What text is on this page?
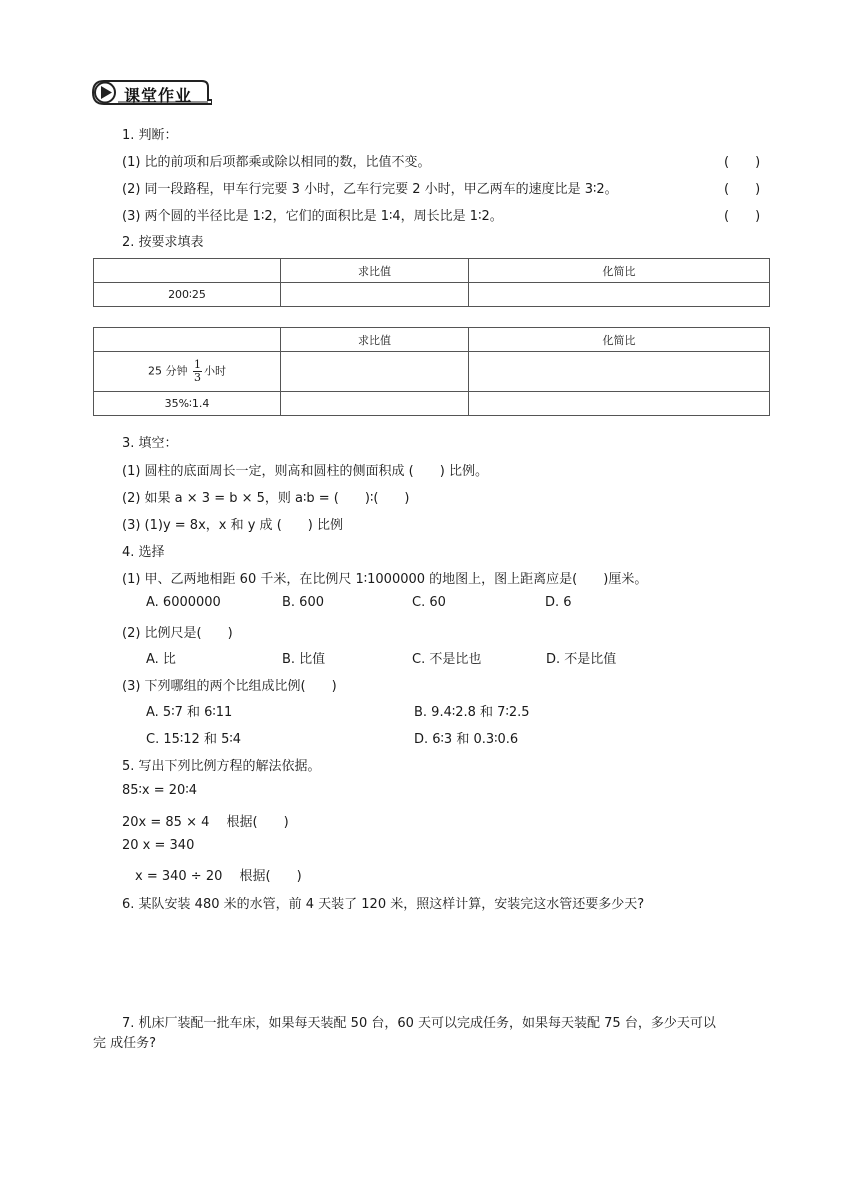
课堂作业
1. 判断：
(1) 比的前项和后项都乘或除以相同的数，比值不变。	(　　)
(2) 同一段路程，甲车行完要 3 小时，乙车行完要 2 小时，甲乙两车的速度比是 3∶2。	(　　)
(3) 两个圆的半径比是 1∶2，它们的面积比是 1∶4，周长比是 1∶2。	(　　)
2. 按要求填表
	求比值	化简比
200∶25		
	求比值	化简比
25 分钟 $\frac{1}{3}$ 小时		
35%∶1.4		
3. 填空：
(1) 圆柱的底面周长一定，则高和圆柱的侧面积成 (　　) 比例。
(2) 如果 a × 3 = b × 5，则 a∶b = (　　)∶(　　)
(3) (1)y = 8x，x 和 y 成 (　　) 比例
4. 选择
(1) 甲、乙两地相距 60 千米，在比例尺 1∶1000000 的地图上，图上距离应是(　　)厘米。
A. 6000000	B. 600	C. 60	D. 6
(2) 比例尺是(　　)
A. 比	B. 比值	C. 不是比也	D. 不是比值
(3) 下列哪组的两个比组成比例(　　)
A. 5∶7 和 6∶11	B. 9.4∶2.8 和 7∶2.5
C. 15∶12 和 5∶4	D. 6∶3 和 0.3∶0.6
5. 写出下列比例方程的解法依据。
85∶x = 20∶4
20x = 85 × 4　 根据(　　)
20 x = 340
　x = 340 ÷ 20　 根据(　　)
6. 某队安装 480 米的水管，前 4 天装了 120 米，照这样计算，安装完这水管还要多少天?
7. 机床厂装配一批车床，如果每天装配 50 台，60 天可以完成任务，如果每天装配 75 台，多少天可以
完 成任务?
